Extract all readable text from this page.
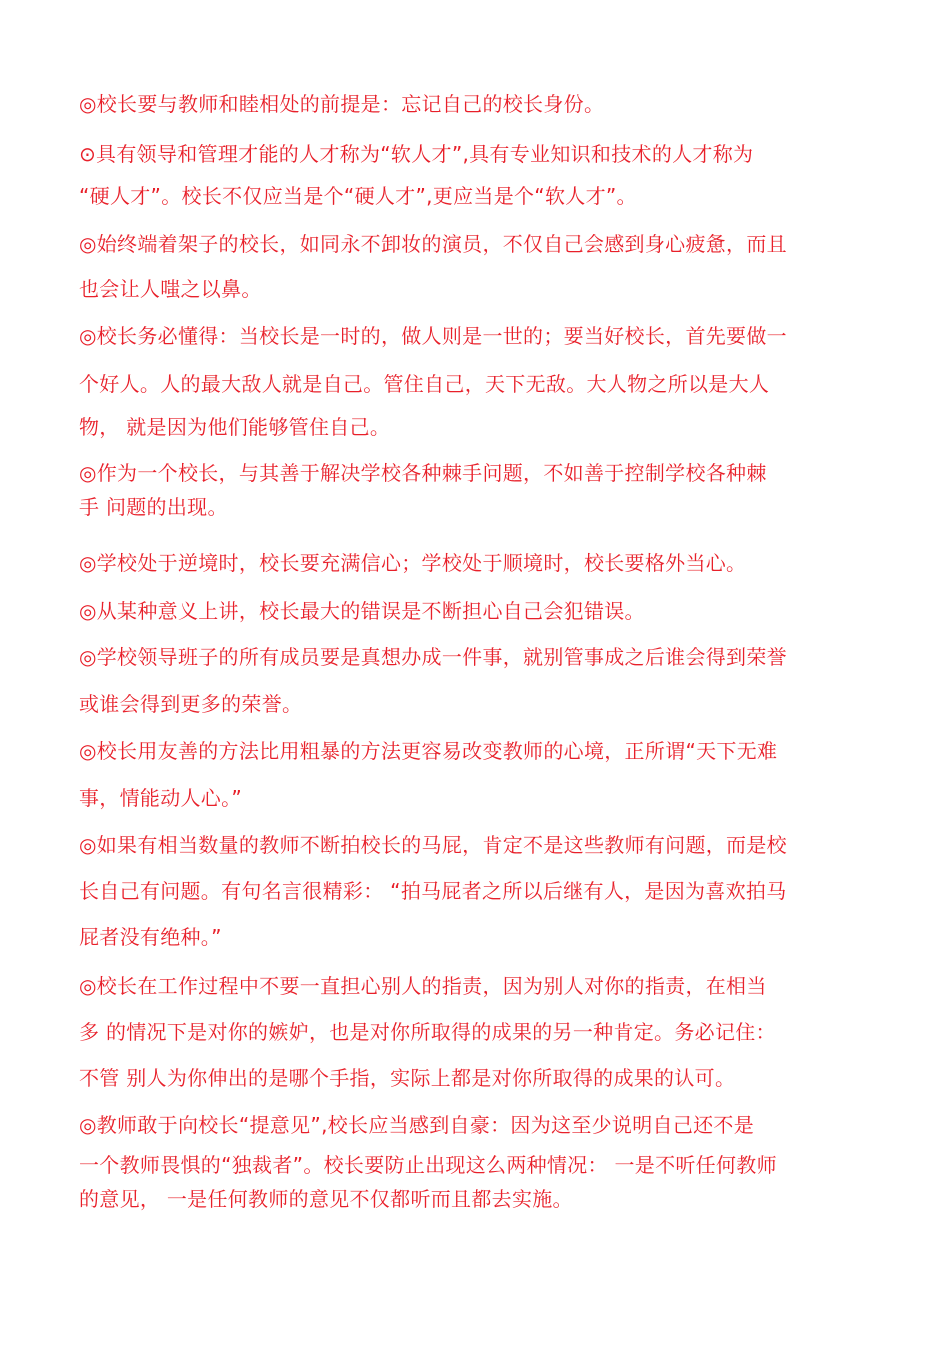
◎校长要与教师和睦相处的前提是：忘记自己的校长身份。
⊙具有领导和管理才能的人才称为“软人才”,具有专业知识和技术的人才称为
“硬人才”。校长不仅应当是个“硬人才”,更应当是个“软人才”。
◎始终端着架子的校长，如同永不卸妆的演员，不仅自己会感到身心疲惫，而且
也会让人嗤之以鼻。
◎校长务必懂得：当校长是一时的，做人则是一世的；要当好校长，首先要做一
个好人。人的最大敌人就是自己。管住自己，天下无敌。大人物之所以是大人
物， 就是因为他们能够管住自己。
◎作为一个校长，与其善于解决学校各种棘手问题，不如善于控制学校各种棘
手 问题的出现。
◎学校处于逆境时，校长要充满信心；学校处于顺境时，校长要格外当心。
◎从某种意义上讲，校长最大的错误是不断担心自己会犯错误。
◎学校领导班子的所有成员要是真想办成一件事，就别管事成之后谁会得到荣誉
或谁会得到更多的荣誉。
◎校长用友善的方法比用粗暴的方法更容易改变教师的心境，正所谓“天下无难
事，情能动人心。”
◎如果有相当数量的教师不断拍校长的马屁，肯定不是这些教师有问题，而是校
长自己有问题。有句名言很精彩： “拍马屁者之所以后继有人，是因为喜欢拍马
屁者没有绝种。”
◎校长在工作过程中不要一直担心别人的指责，因为别人对你的指责，在相当
多 的情况下是对你的嫉妒，也是对你所取得的成果的另一种肯定。务必记住：
不管 别人为你伸出的是哪个手指，实际上都是对你所取得的成果的认可。
◎教师敢于向校长“提意见”,校长应当感到自豪：因为这至少说明自己还不是
一个教师畏惧的“独裁者”。校长要防止出现这么两种情况： 一是不听任何教师
的意见， 一是任何教师的意见不仅都听而且都去实施。
